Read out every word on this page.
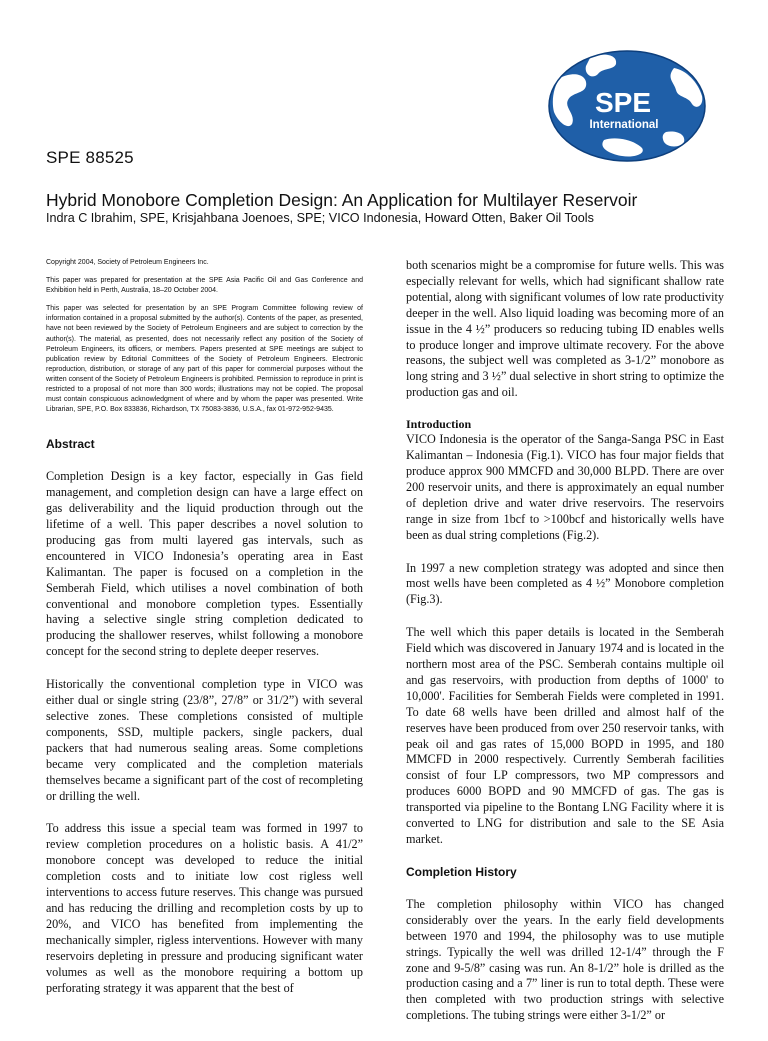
SPE
International
SPE 88525
Hybrid Monobore Completion Design: An Application for Multilayer Reservoir
Indra C Ibrahim, SPE, Krisjahbana Joenoes, SPE; VICO Indonesia, Howard Otten, Baker Oil Tools

Copyright 2004, Society of Petroleum Engineers Inc.

This paper was prepared for presentation at the SPE Asia Pacific Oil and Gas Conference and Exhibition held in Perth, Australia, 18–20 October 2004.

This paper was selected for presentation by an SPE Program Committee following review of information contained in a proposal submitted by the author(s). Contents of the paper, as presented, have not been reviewed by the Society of Petroleum Engineers and are subject to correction by the author(s). The material, as presented, does not necessarily reflect any position of the Society of Petroleum Engineers, its officers, or members. Papers presented at SPE meetings are subject to publication review by Editorial Committees of the Society of Petroleum Engineers. Electronic reproduction, distribution, or storage of any part of this paper for commercial purposes without the written consent of the Society of Petroleum Engineers is prohibited. Permission to reproduce in print is restricted to a proposal of not more than 300 words; illustrations may not be copied. The proposal must contain conspicuous acknowledgment of where and by whom the paper was presented. Write Librarian, SPE, P.O. Box 833836, Richardson, TX 75083-3836, U.S.A., fax 01-972-952-9435.

Abstract

Completion Design is a key factor, especially in Gas field management, and completion design can have a large effect on gas deliverability and the liquid production through out the lifetime of a well. This paper describes a novel solution to producing gas from multi layered gas intervals, such as encountered in VICO Indonesia’s operating area in East Kalimantan. The paper is focused on a completion in the Semberah Field, which utilises a novel combination of both conventional and monobore completion types. Essentially having a selective single string completion dedicated to producing the shallower reserves, whilst following a monobore concept for the second string to deplete deeper reserves.

Historically the conventional completion type in VICO was either dual or single string (23/8”, 27/8” or 31/2”) with several selective zones. These completions consisted of multiple components, SSD, multiple packers, single packers, dual packers that had numerous sealing areas. Some completions became very complicated and the completion materials themselves became a significant part of the cost of recompleting or drilling the well.

To address this issue a special team was formed in 1997 to review completion procedures on a holistic basis. A 41/2” monobore concept was developed to reduce the initial completion costs and to initiate low cost rigless well interventions to access future reserves. This change was pursued and has reducing the drilling and recompletion costs by up to 20%, and VICO has benefited from implementing the mechanically simpler, rigless interventions. However with many reservoirs depleting in pressure and producing significant water volumes as well as the monobore requiring a bottom up perforating strategy it was apparent that the best of

both scenarios might be a compromise for future wells. This was especially relevant for wells, which had significant shallow rate potential, along with significant volumes of low rate productivity deeper in the well. Also liquid loading was becoming more of an issue in the 4 ½” producers so reducing tubing ID enables wells to produce longer and improve ultimate recovery. For the above reasons, the subject well was completed as 3-1/2” monobore as long string and 3 ½” dual selective in short string to optimize the production gas and oil.

Introduction

VICO Indonesia is the operator of the Sanga-Sanga PSC in East Kalimantan – Indonesia (Fig.1). VICO has four major fields that produce approx 900 MMCFD and 30,000 BLPD. There are over 200 reservoir units, and there is approximately an equal number of depletion drive and water drive reservoirs. The reservoirs range in size from 1bcf to >100bcf and historically wells have been as dual string completions (Fig.2).

In 1997 a new completion strategy was adopted and since then most wells have been completed as 4 ½” Monobore completion (Fig.3).

The well which this paper details is located in the Semberah Field which was discovered in January 1974 and is located in the northern most area of the PSC. Semberah contains multiple oil and gas reservoirs, with production from depths of 1000' to 10,000'. Facilities for Semberah Fields were completed in 1991. To date 68 wells have been drilled and almost half of the reserves have been produced from over 250 reservoir tanks, with peak oil and gas rates of 15,000 BOPD in 1995, and 180 MMCFD in 2000 respectively. Currently Semberah facilities consist of four LP compressors, two MP compressors and produces 6000 BOPD and 90 MMCFD of gas. The gas is transported via pipeline to the Bontang LNG Facility where it is converted to LNG for distribution and sale to the SE Asia market.

Completion History

The completion philosophy within VICO has changed considerably over the years. In the early field developments between 1970 and 1994, the philosophy was to use mutiple strings. Typically the well was drilled 12-1/4” through the F zone and 9-5/8” casing was run. An 8-1/2” hole is drilled as the production casing and a 7” liner is run to total depth. These were then completed with two production strings with selective completions. The tubing strings were either 3-1/2” or
